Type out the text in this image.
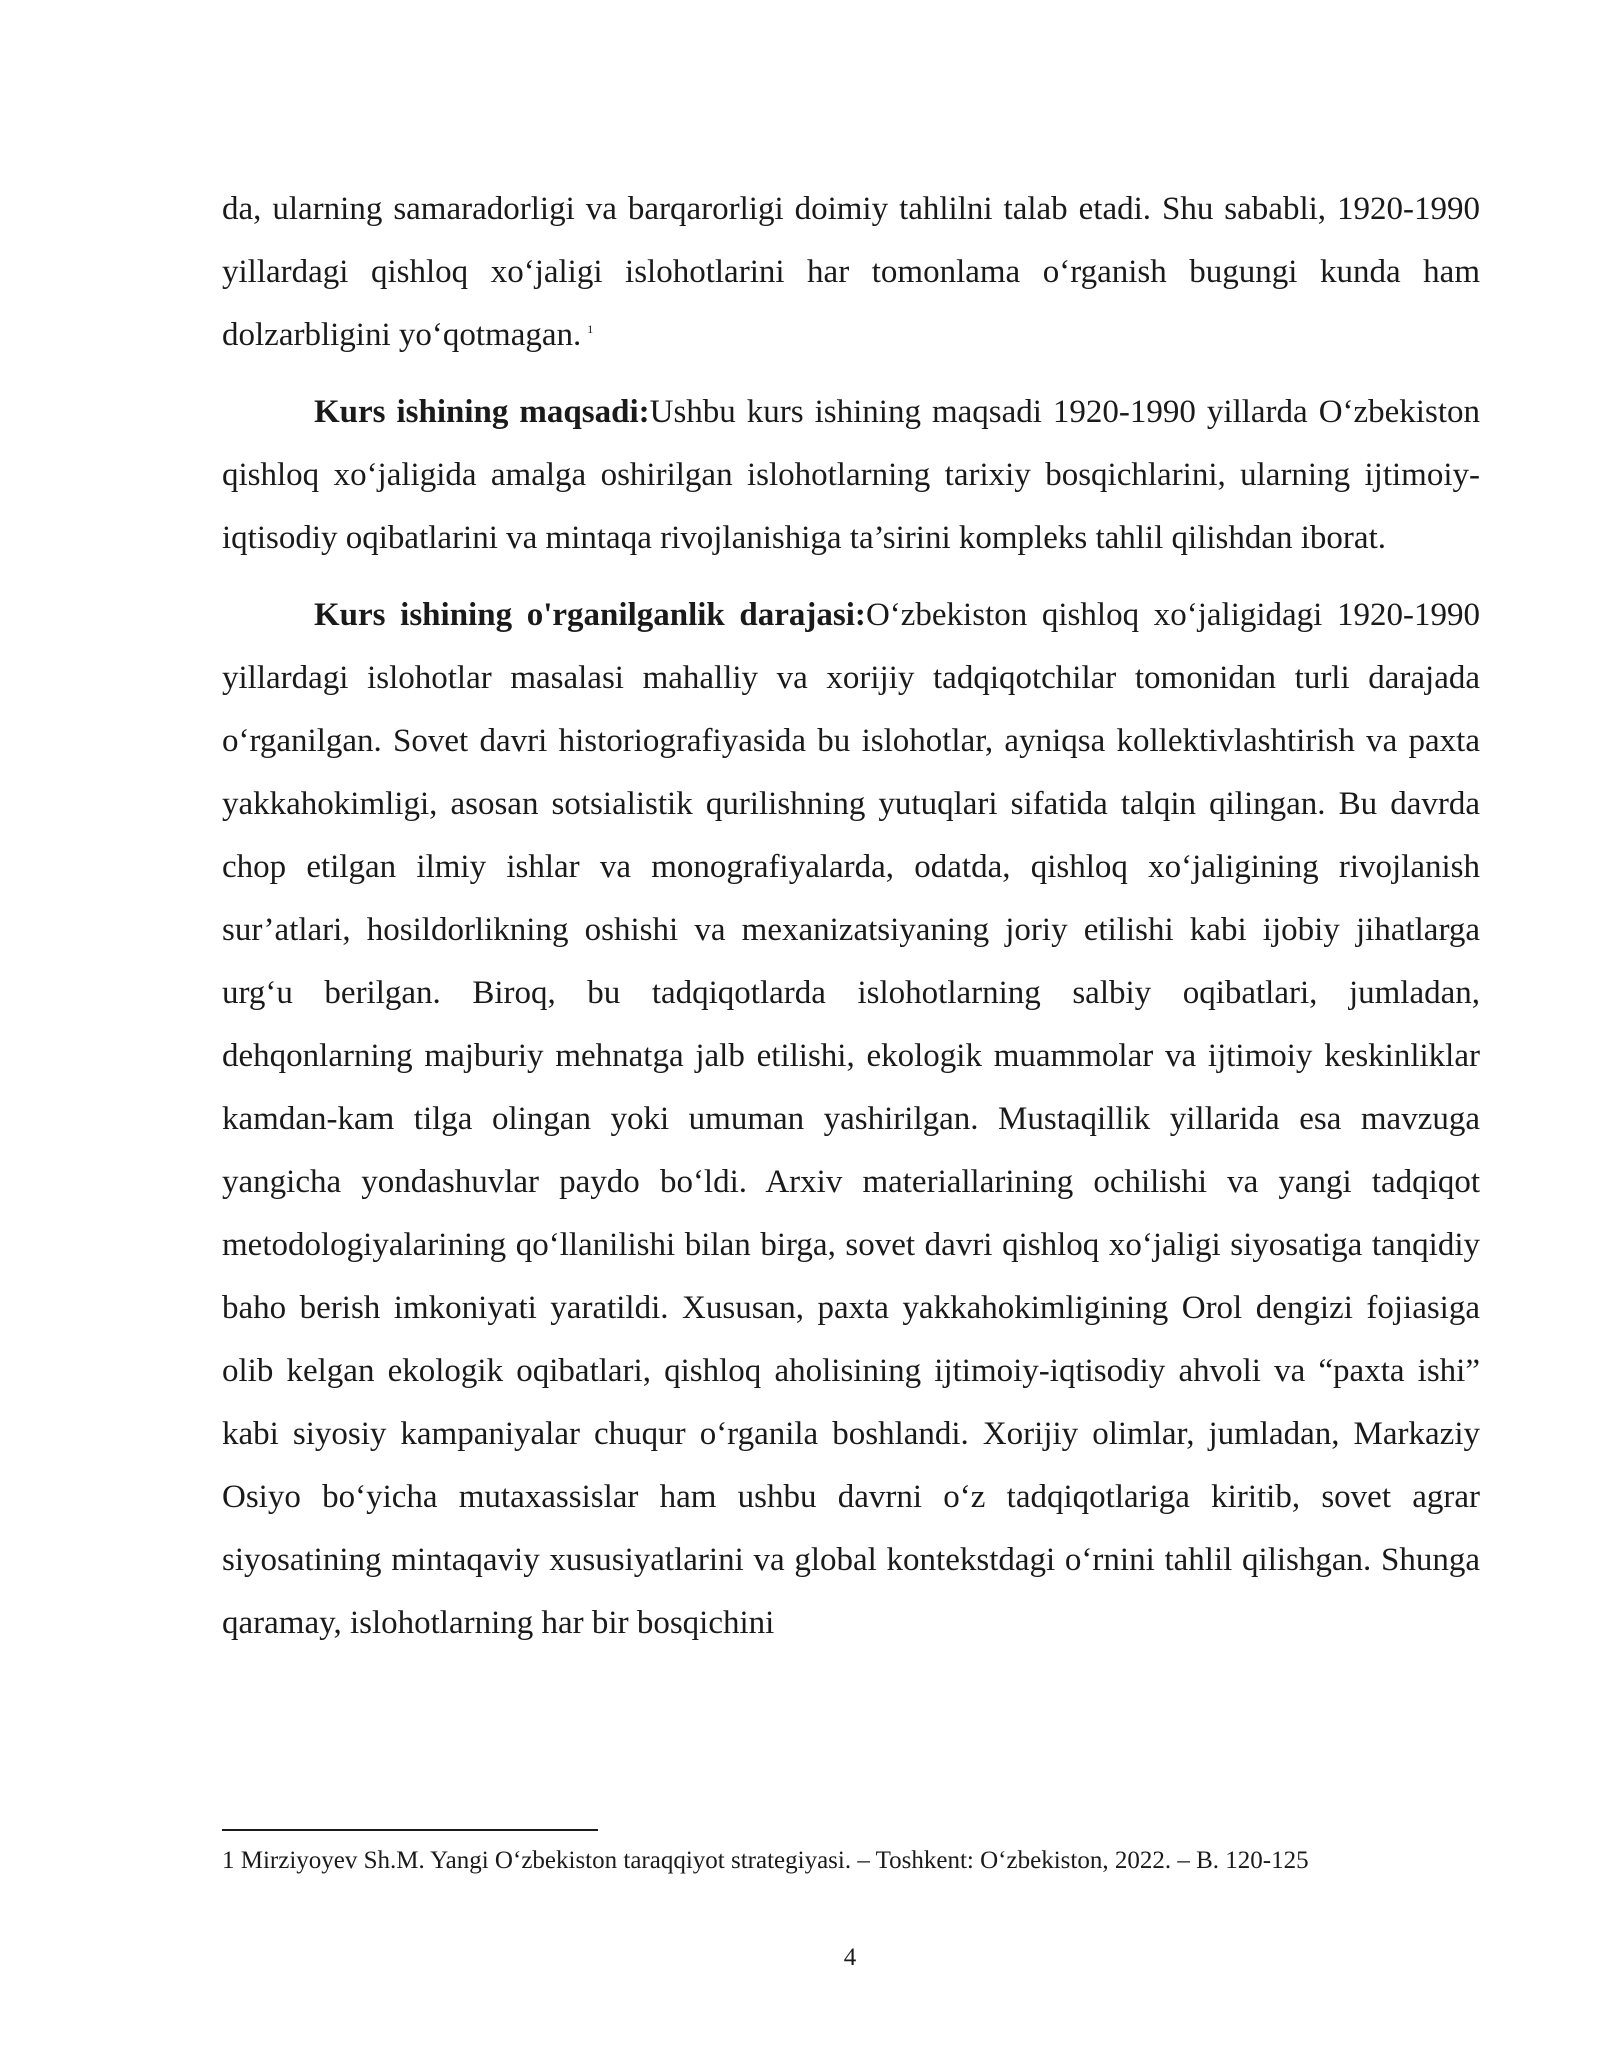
da, ularning samaradorligi va barqarorligi doimiy tahlilni talab etadi. Shu sababli, 1920-1990 yillardagi qishloq xoʻjaligi islohotlarini har tomonlama oʻrganish bugungi kunda ham dolzarbligini yoʻqotmagan. $^1$

Kurs ishining maqsadi:Ushbu kurs ishining maqsadi 1920-1990 yillarda Oʻzbekiston qishloq xoʻjaligida amalga oshirilgan islohotlarning tarixiy bosqichlarini, ularning ijtimoiy-iqtisodiy oqibatlarini va mintaqa rivojlanishiga ta’sirini kompleks tahlil qilishdan iborat.

Kurs ishining o'rganilganlik darajasi:Oʻzbekiston qishloq xoʻjaligidagi 1920-1990 yillardagi islohotlar masalasi mahalliy va xorijiy tadqiqotchilar tomonidan turli darajada oʻrganilgan. Sovet davri historiografiyasida bu islohotlar, ayniqsa kollektivlashtirish va paxta yakkahokimligi, asosan sotsialistik qurilishning yutuqlari sifatida talqin qilingan. Bu davrda chop etilgan ilmiy ishlar va monografiyalarda, odatda, qishloq xoʻjaligining rivojlanish sur’atlari, hosildorlikning oshishi va mexanizatsiyaning joriy etilishi kabi ijobiy jihatlarga urgʻu berilgan. Biroq, bu tadqiqotlarda islohotlarning salbiy oqibatlari, jumladan, dehqonlarning majburiy mehnatga jalb etilishi, ekologik muammolar va ijtimoiy keskinliklar kamdan-kam tilga olingan yoki umuman yashirilgan. Mustaqillik yillarida esa mavzuga yangicha yondashuvlar paydo boʻldi. Arxiv materiallarining ochilishi va yangi tadqiqot metodologiyalarining qoʻllanilishi bilan birga, sovet davri qishloq xoʻjaligi siyosatiga tanqidiy baho berish imkoniyati yaratildi. Xususan, paxta yakkahokimligining Orol dengizi fojiasiga olib kelgan ekologik oqibatlari, qishloq aholisining ijtimoiy-iqtisodiy ahvoli va “paxta ishi” kabi siyosiy kampaniyalar chuqur oʻrganila boshlandi. Xorijiy olimlar, jumladan, Markaziy Osiyo boʻyicha mutaxassislar ham ushbu davrni oʻz tadqiqotlariga kiritib, sovet agrar siyosatining mintaqaviy xususiyatlarini va global kontekstdagi oʻrnini tahlil qilishgan. Shunga qaramay, islohotlarning har bir bosqichini

1 Mirziyoyev Sh.M. Yangi Oʻzbekiston taraqqiyot strategiyasi. – Toshkent: Oʻzbekiston, 2022. – B. 120-125
4
